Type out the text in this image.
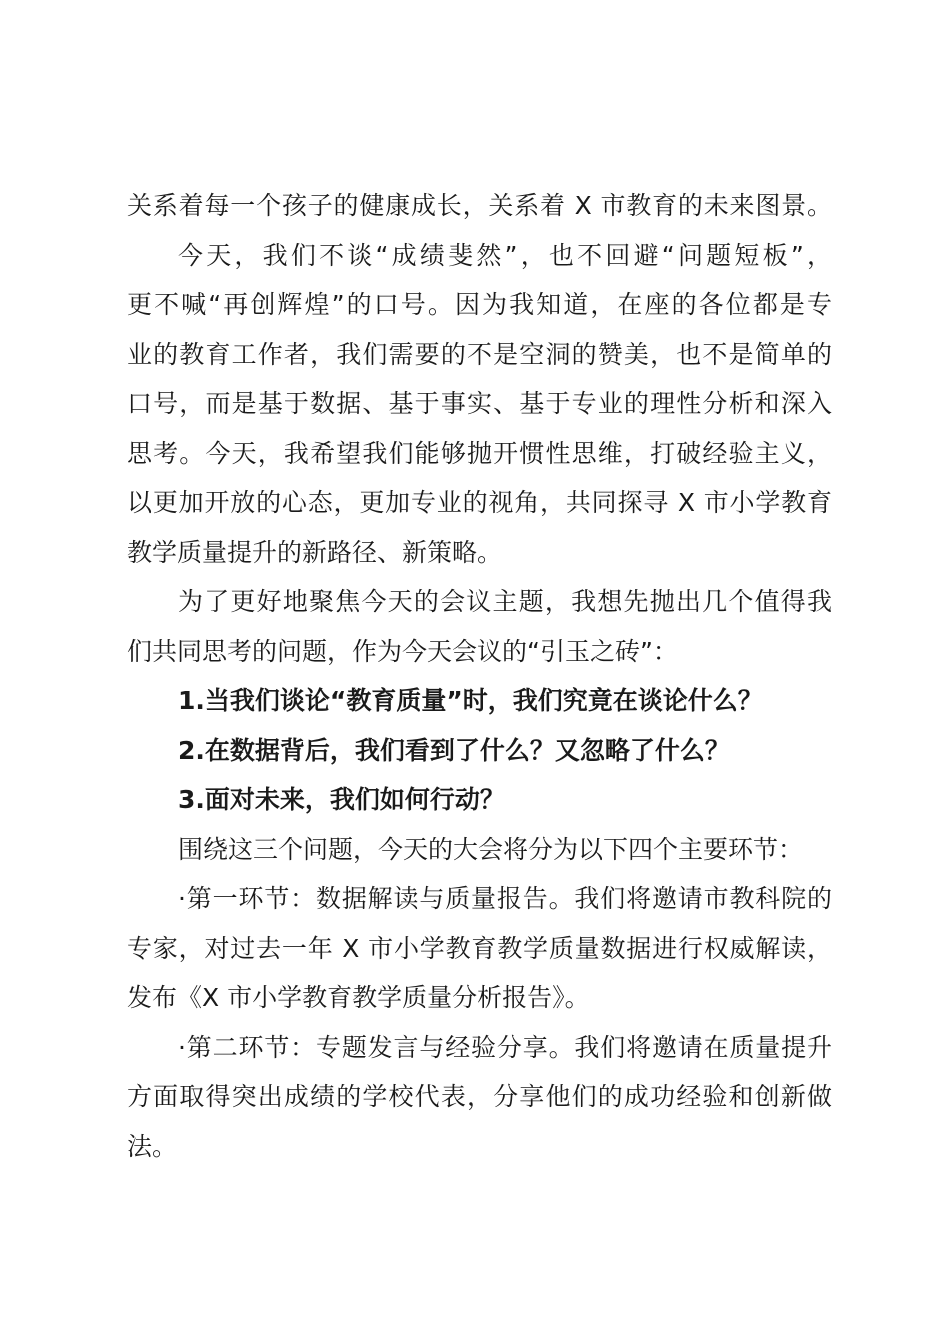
关系着每一个孩子的健康成长，关系着 X 市教育的未来图景。
今天，我们不谈“成绩斐然”，也不回避“问题短板”，
更不喊“再创辉煌”的口号。因为我知道，在座的各位都是专
业的教育工作者，我们需要的不是空洞的赞美，也不是简单的
口号，而是基于数据、基于事实、基于专业的理性分析和深入
思考。今天，我希望我们能够抛开惯性思维，打破经验主义，
以更加开放的心态，更加专业的视角，共同探寻 X 市小学教育
教学质量提升的新路径、新策略。
为了更好地聚焦今天的会议主题，我想先抛出几个值得我
们共同思考的问题，作为今天会议的“引玉之砖”：
1.当我们谈论“教育质量”时，我们究竟在谈论什么？
2.在数据背后，我们看到了什么？又忽略了什么？
3.面对未来，我们如何行动？
围绕这三个问题，今天的大会将分为以下四个主要环节：
·第一环节：数据解读与质量报告。我们将邀请市教科院的
专家，对过去一年 X 市小学教育教学质量数据进行权威解读，
发布《X 市小学教育教学质量分析报告》。
·第二环节：专题发言与经验分享。我们将邀请在质量提升
方面取得突出成绩的学校代表，分享他们的成功经验和创新做
法。
